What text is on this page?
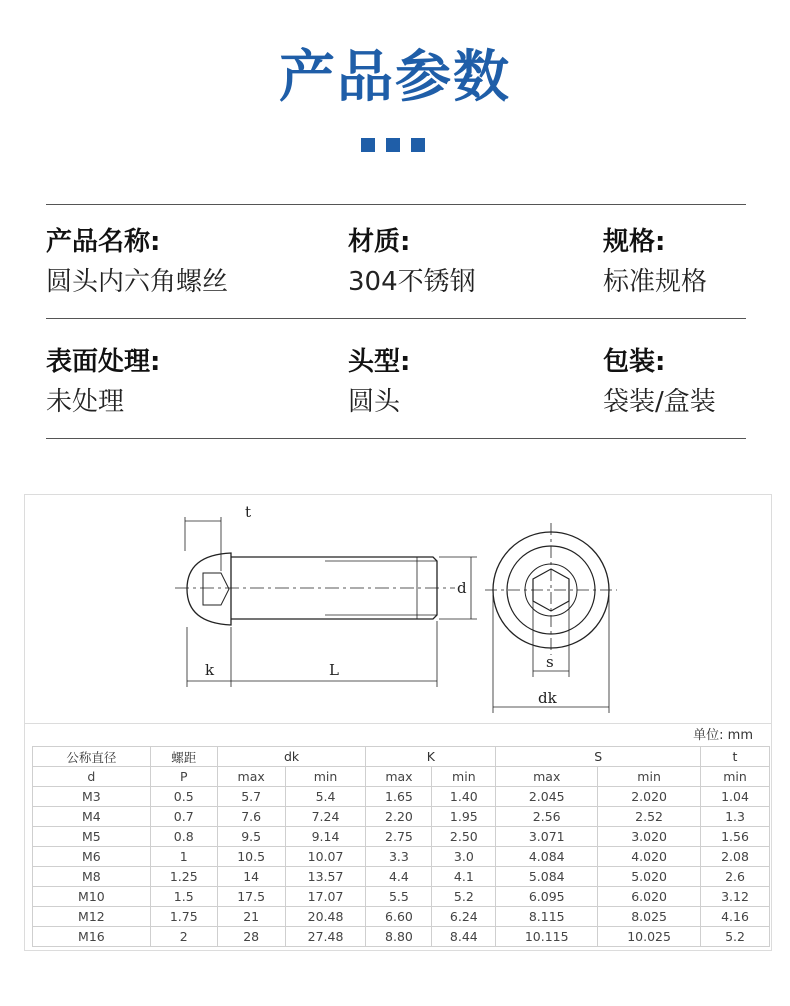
产品参数
产品名称:
圆头内六角螺丝
材质:
304不锈钢
规格:
标准规格
表面处理:
未处理
头型:
圆头
包装:
袋装/盒装
t
d
k	L	s
dk
单位: mm
公称直径	螺距	dk		K		S		t
d	P	max	min	max	min	max	min	min
M3	0.5	5.7	5.4	1.65	1.40	2.045	2.020	1.04
M4	0.7	7.6	7.24	2.20	1.95	2.56	2.52	1.3
M5	0.8	9.5	9.14	2.75	2.50	3.071	3.020	1.56
M6	1	10.5	10.07	3.3	3.0	4.084	4.020	2.08
M8	1.25	14	13.57	4.4	4.1	5.084	5.020	2.6
M10	1.5	17.5	17.07	5.5	5.2	6.095	6.020	3.12
M12	1.75	21	20.48	6.60	6.24	8.115	8.025	4.16
M16	2	28	27.48	8.80	8.44	10.115	10.025	5.2
